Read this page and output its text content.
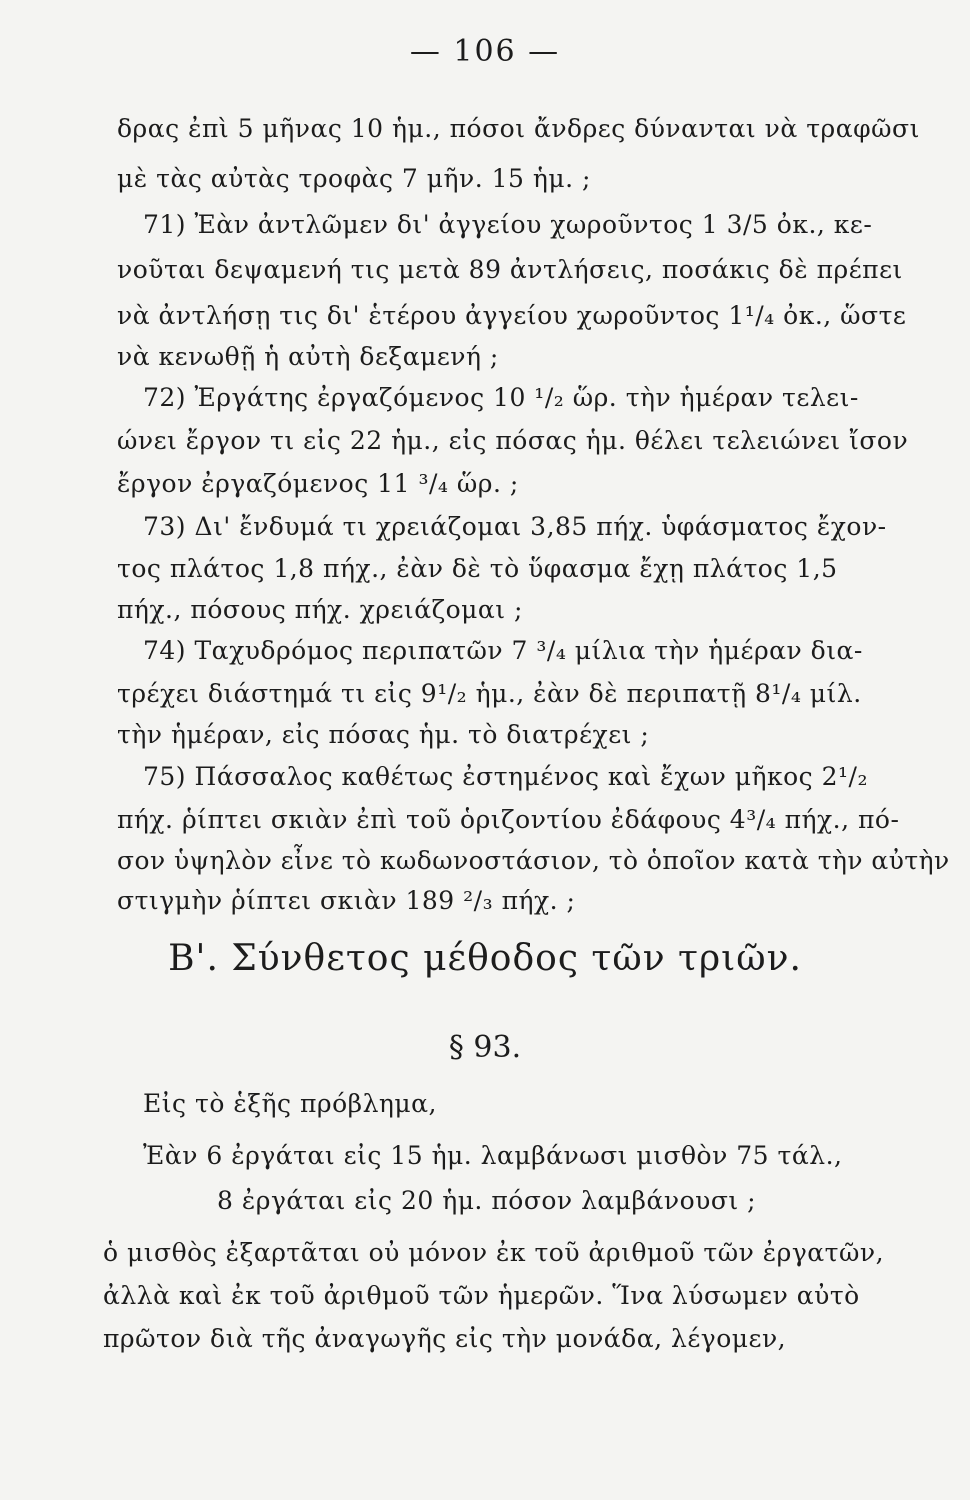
— 106 —
δρας ἐπὶ 5 μῆνας 10 ἡμ., πόσοι ἄνδρες δύνανται νὰ τραφῶσι
μὲ τὰς αὐτὰς τροφὰς 7 μῆν. 15 ἡμ. ;
71) Ἐὰν ἀντλῶμεν δι' ἀγγείου χωροῦντος 1 3/5 ὀκ., κε-
νοῦται δεψαμενή τις μετὰ 89 ἀντλήσεις, ποσάκις δὲ πρέπει
νὰ ἀντλήσῃ τις δι' ἑτέρου ἀγγείου χωροῦντος 1¹/₄ ὀκ., ὥστε
νὰ κενωθῇ ἡ αὐτὴ δεξαμενή ;
72) Ἐργάτης ἐργαζόμενος 10 ¹/₂ ὥρ. τὴν ἡμέραν τελει-
ώνει ἔργον τι εἰς 22 ἡμ., εἰς πόσας ἡμ. θέλει τελειώνει ἴσον
ἔργον ἐργαζόμενος 11 ³/₄ ὥρ. ;
73) Δι' ἔνδυμά τι χρειάζομαι 3,85 πήχ. ὑφάσματος ἔχον-
τος πλάτος 1,8 πήχ., ἐὰν δὲ τὸ ὕφασμα ἔχῃ πλάτος 1,5
πήχ., πόσους πήχ. χρειάζομαι ;
74) Ταχυδρόμος περιπατῶν 7 ³/₄ μίλια τὴν ἡμέραν δια-
τρέχει διάστημά τι εἰς 9¹/₂ ἡμ., ἐὰν δὲ περιπατῇ 8¹/₄ μίλ.
τὴν ἡμέραν, εἰς πόσας ἡμ. τὸ διατρέχει ;
75) Πάσσαλος καθέτως ἐστημένος καὶ ἔχων μῆκος 2¹/₂
πήχ. ῥίπτει σκιὰν ἐπὶ τοῦ ὁριζοντίου ἐδάφους 4³/₄ πήχ., πό-
σον ὑψηλὸν εἶνε τὸ κωδωνοστάσιον, τὸ ὁποῖον κατὰ τὴν αὐτὴν
στιγμὴν ῥίπτει σκιὰν 189 ²/₃ πήχ. ;
Β'. Σύνθετος μέθοδος τῶν τριῶν.
§ 93.
Εἰς τὸ ἑξῆς πρόβλημα,
Ἐὰν 6 ἐργάται εἰς 15 ἡμ. λαμβάνωσι μισθὸν 75 τάλ.,
8 ἐργάται εἰς 20 ἡμ. πόσον λαμβάνουσι ;
ὁ μισθὸς ἐξαρτᾶται οὐ μόνον ἐκ τοῦ ἀριθμοῦ τῶν ἐργατῶν,
ἀλλὰ καὶ ἐκ τοῦ ἀριθμοῦ τῶν ἡμερῶν. Ἵνα λύσωμεν αὐτὸ
πρῶτον διὰ τῆς ἀναγωγῆς εἰς τὴν μονάδα, λέγομεν,
